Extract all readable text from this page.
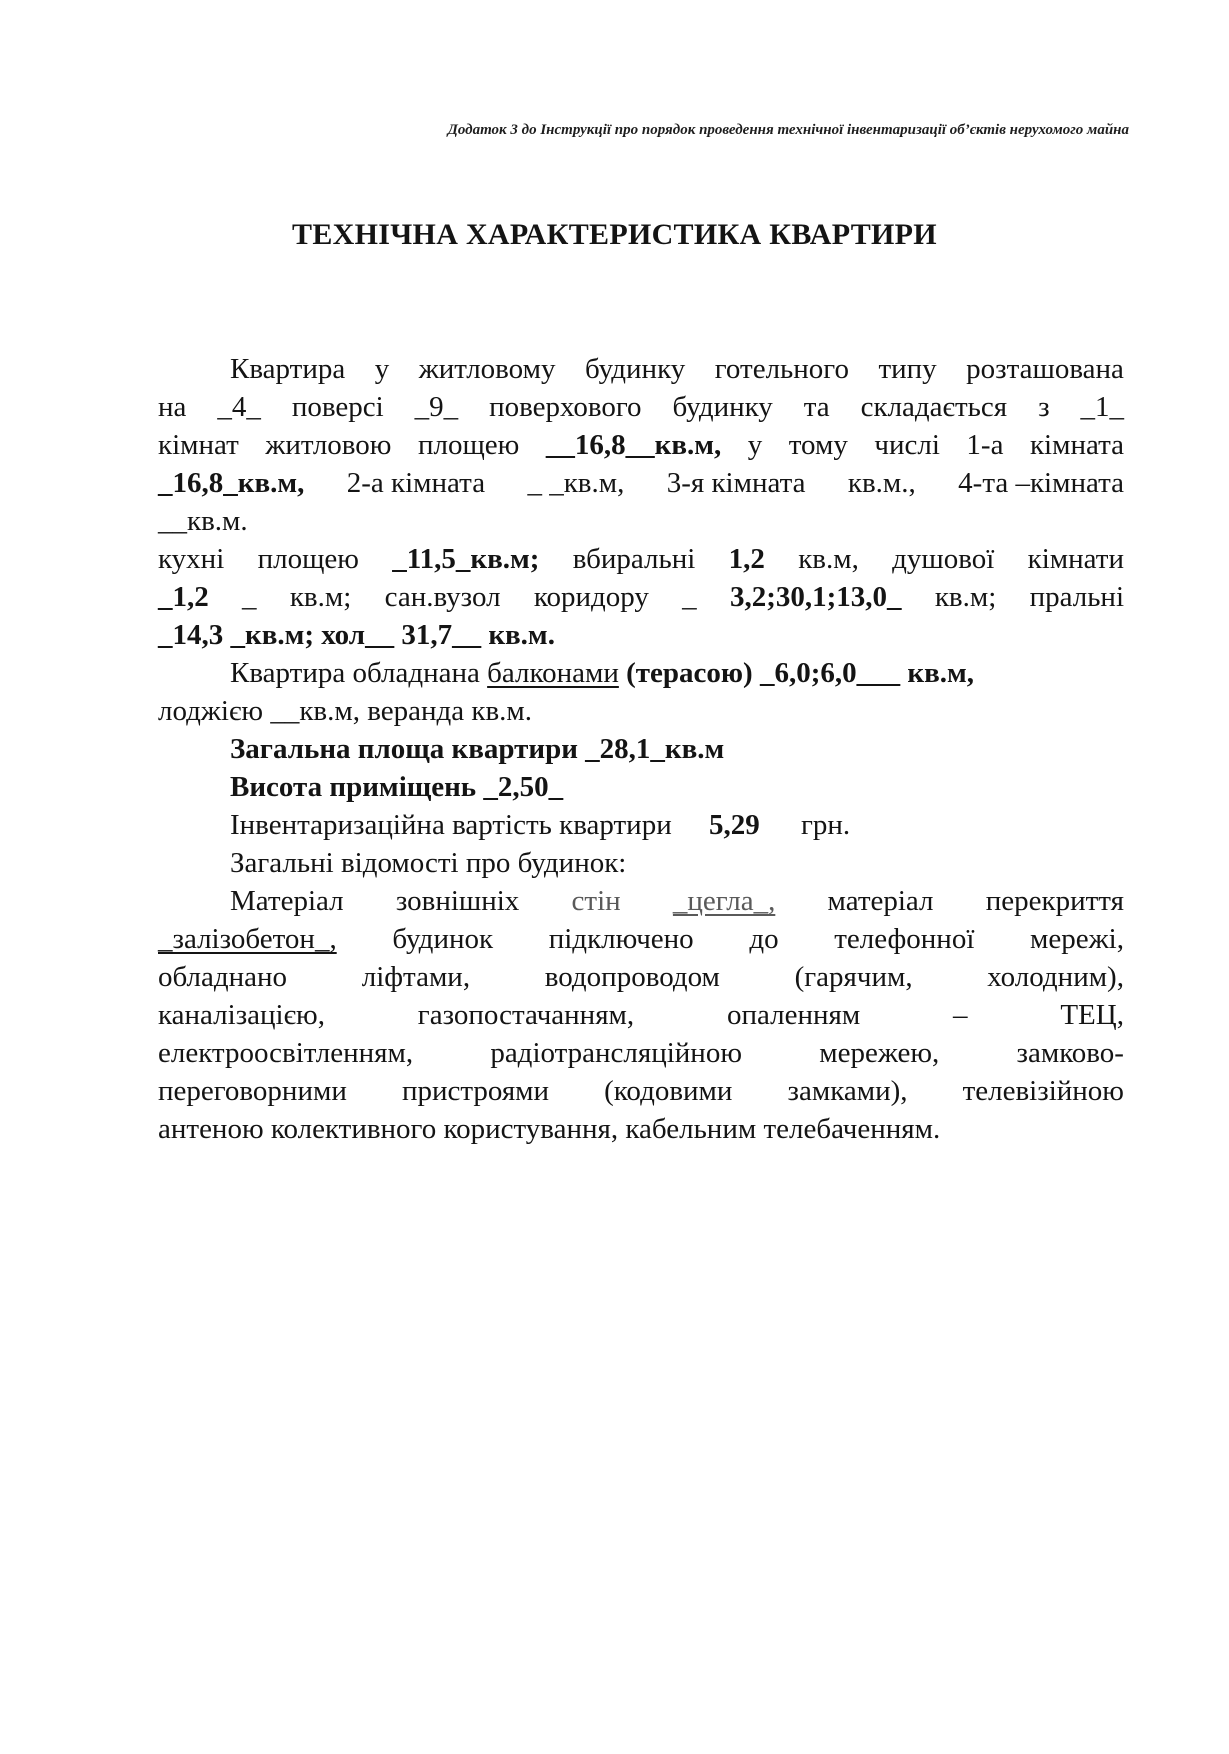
Додаток 3 до Інструкції про порядок проведення технічної інвентаризації об’єктів нерухомого майна
ТЕХНІЧНА ХАРАКТЕРИСТИКА КВАРТИРИ
Квартира у житловому будинку готельного типу розташована
на _4_ поверсі _9_ поверхового будинку та складається з _1_
кімнат житловою площею __16,8__кв.м, у тому числі 1-а кімната
_16,8_кв.м, 2-а кімната _ _кв.м, 3-я кімната кв.м., 4-та –кімната
__кв.м.
кухні площею _11,5_кв.м; вбиральні 1,2 кв.м, душової кімнати
_1,2 _ кв.м; сан.вузол коридору _ 3,2;30,1;13,0_ кв.м; пральні
_14,3 _кв.м; хол__ 31,7__ кв.м.
Квартира обладнана балконами (терасою) _6,0;6,0___ кв.м,
лоджією __кв.м, веранда кв.м.
Загальна площа квартири _28,1_кв.м
Висота приміщень _2,50_
Інвентаризаційна вартість квартири 5,29 грн.
Загальні відомості про будинок:
Матеріал зовнішніх стін _цегла_, матеріал перекриття
_залізобетон_, будинок підключено до телефонної мережі,
обладнано	ліфтами,	водопроводом	(гарячим,	холодним),
каналізацією,	газопостачанням,	опаленням	–	ТЕЦ,
електроосвітленням,	радіотрансляційною	мережею,	замково-
переговорними пристроями (кодовими замками), телевізійною
антеною колективного користування, кабельним телебаченням.
